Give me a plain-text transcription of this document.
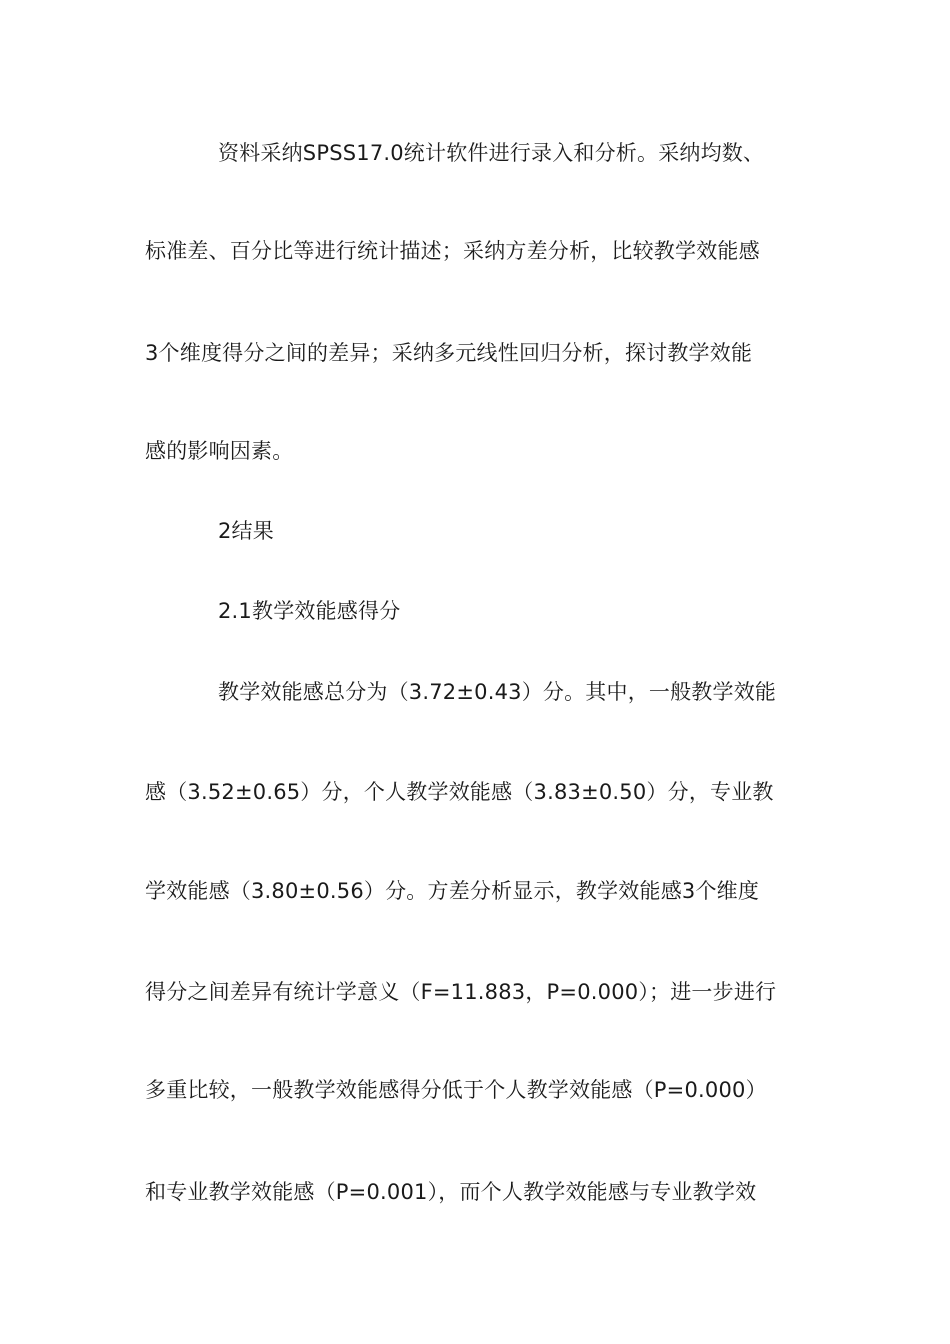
资料采纳SPSS17.0统计软件进行录入和分析。采纳均数、
标准差、百分比等进行统计描述；采纳方差分析，比较教学效能感
3个维度得分之间的差异；采纳多元线性回归分析，探讨教学效能
感的影响因素。
2结果
2.1教学效能感得分
教学效能感总分为（3.72±0.43）分。其中，一般教学效能
感（3.52±0.65）分，个人教学效能感（3.83±0.50）分，专业教
学效能感（3.80±0.56）分。方差分析显示，教学效能感3个维度
得分之间差异有统计学意义（F=11.883，P=0.000）；进一步进行
多重比较，一般教学效能感得分低于个人教学效能感（P=0.000）
和专业教学效能感（P=0.001），而个人教学效能感与专业教学效
